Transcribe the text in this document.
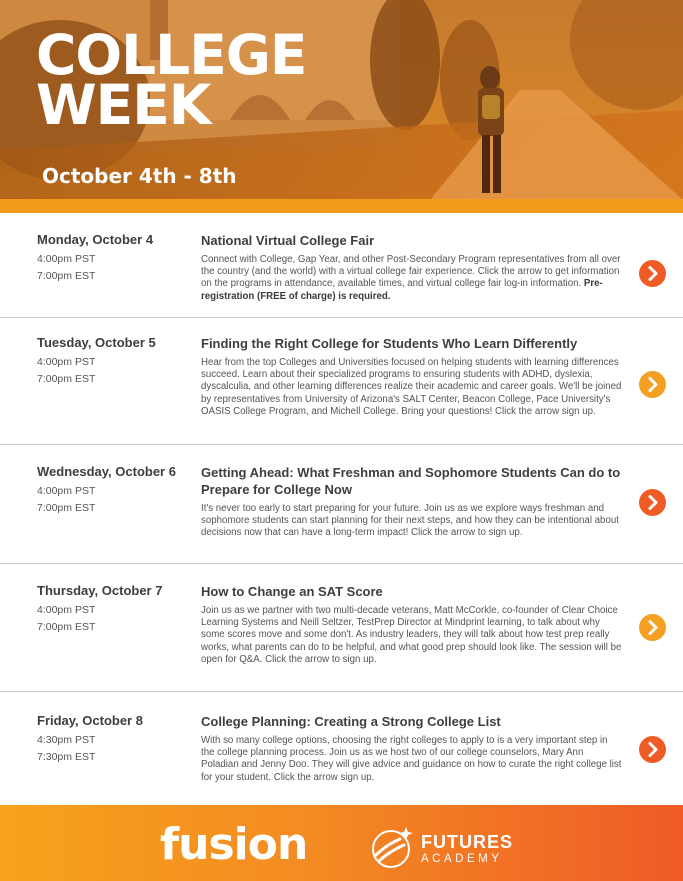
COLLEGE
WEEK
October 4th - 8th
Monday, October 4
4:00pm PST
7:00pm EST
National Virtual College Fair
Connect with College, Gap Year, and other Post-Secondary Program representatives from all over the country (and the world) with a virtual college fair experience. Click the arrow to get information on the programs in attendance, available times, and virtual college fair log-in information. Pre-registration (FREE of charge) is required.
Tuesday, October 5
4:00pm PST
7:00pm EST
Finding the Right College for Students Who Learn Differently
Hear from the top Colleges and Universities focused on helping students with learning differences succeed. Learn about their specialized programs to ensuring students with ADHD, dyslexia, dyscalculia, and other learning differences realize their academic and career goals. We'll be joined by representatives from University of Arizona's SALT Center, Beacon College, Pace University's OASIS College Program, and Michell College. Bring your questions! Click the arrow sign up.
Wednesday, October 6
4:00pm PST
7:00pm EST
Getting Ahead: What Freshman and Sophomore Students Can do to Prepare for College Now
It's never too early to start preparing for your future. Join us as we explore ways freshman and sophomore students can start planning for their next steps, and how they can be intentional about decisions now that can have a long-term impact! Click the arrow to sign up.
Thursday, October 7
4:00pm PST
7:00pm EST
How to Change an SAT Score
Join us as we partner with two multi-decade veterans, Matt McCorkle, co-founder of Clear Choice Learning Systems and Neill Seltzer, TestPrep Director at Mindprint learning, to talk about why some scores move and some don't. As industry leaders, they will talk about how test prep really works, what parents can do to be helpful, and what good prep should look like. The session will be open for Q&A. Click the arrow to sign up.
Friday, October 8
4:30pm PST
7:30pm EST
College Planning: Creating a Strong College List
With so many college options, choosing the right colleges to apply to is a very important step in the college planning process. Join us as we host two of our college counselors, Mary Ann Poladian and Jenny Doo. They will give advice and guidance on how to curate the right college list for your student. Click the arrow sign up.
fusion	FUTURES
ACADEMY
